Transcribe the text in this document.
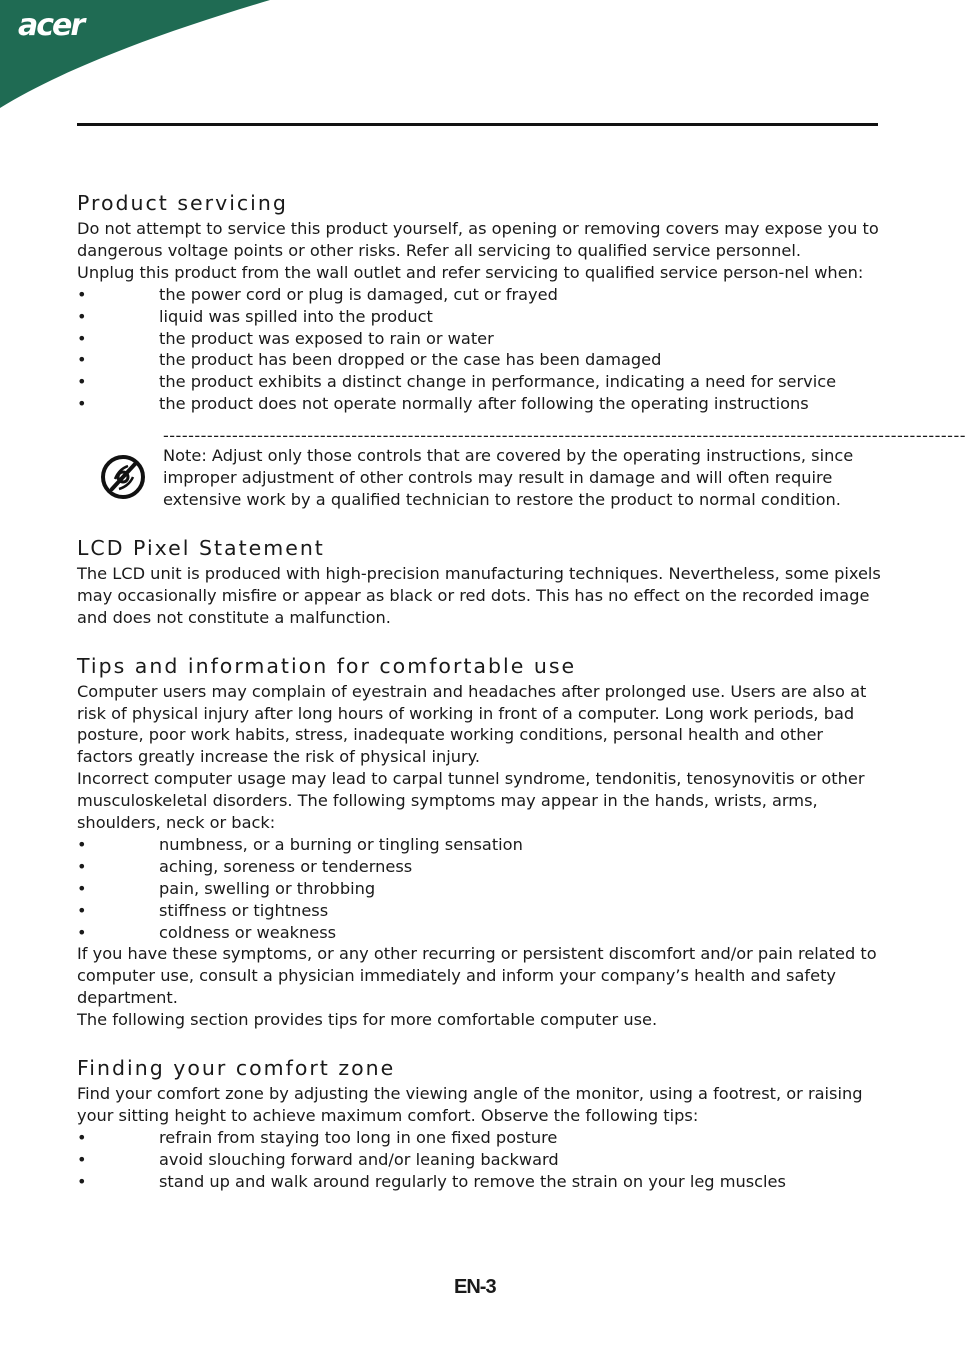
acer
Product servicing

Do not attempt to service this product yourself, as opening or removing covers may expose you to dangerous voltage points or other risks. Refer all servicing to qualified service personnel.

Unplug this product from the wall outlet and refer servicing to qualified service person-nel when:

•	the power cord or plug is damaged, cut or frayed
•	liquid was spilled into the product
•	the product was exposed to rain or water
•	the product has been dropped or the case has been damaged
•	the product exhibits a distinct change in performance, indicating a need for service
•	the product does not operate normally after following the operating instructions
--------------------------------------------------------------------------------------------------------------------------------

Note: Adjust only those controls that are covered by the operating instructions, since improper adjustment of other controls may result in damage and will often require extensive work by a qualified technician to restore the product to normal condition.

LCD Pixel Statement

The LCD unit is produced with high-precision manufacturing techniques. Nevertheless, some pixels may occasionally misfire or appear as black or red dots. This has no effect on the recorded image and does not constitute a malfunction.

Tips and information for comfortable use

Computer users may complain of eyestrain and headaches after prolonged use. Users are also at risk of physical injury after long hours of working in front of a computer. Long work periods, bad posture, poor work habits, stress, inadequate working conditions, personal health and other factors greatly increase the risk of physical injury.

Incorrect computer usage may lead to carpal tunnel syndrome, tendonitis, tenosynovitis or other musculoskeletal disorders. The following symptoms may appear in the hands, wrists, arms, shoulders, neck or back:

•	numbness, or a burning or tingling sensation
•	aching, soreness or tenderness
•	pain, swelling or throbbing
•	stiffness or tightness
•	coldness or weakness

If you have these symptoms, or any other recurring or persistent discomfort and/or pain related to computer use, consult a physician immediately and inform your company’s health and safety department.

The following section provides tips for more comfortable computer use.

Finding your comfort zone

Find your comfort zone by adjusting the viewing angle of the monitor, using a footrest, or raising your sitting height to achieve maximum comfort. Observe the following tips:

•	refrain from staying too long in one fixed posture
•	avoid slouching forward and/or leaning backward
•	stand up and walk around regularly to remove the strain on your leg muscles
EN-3
